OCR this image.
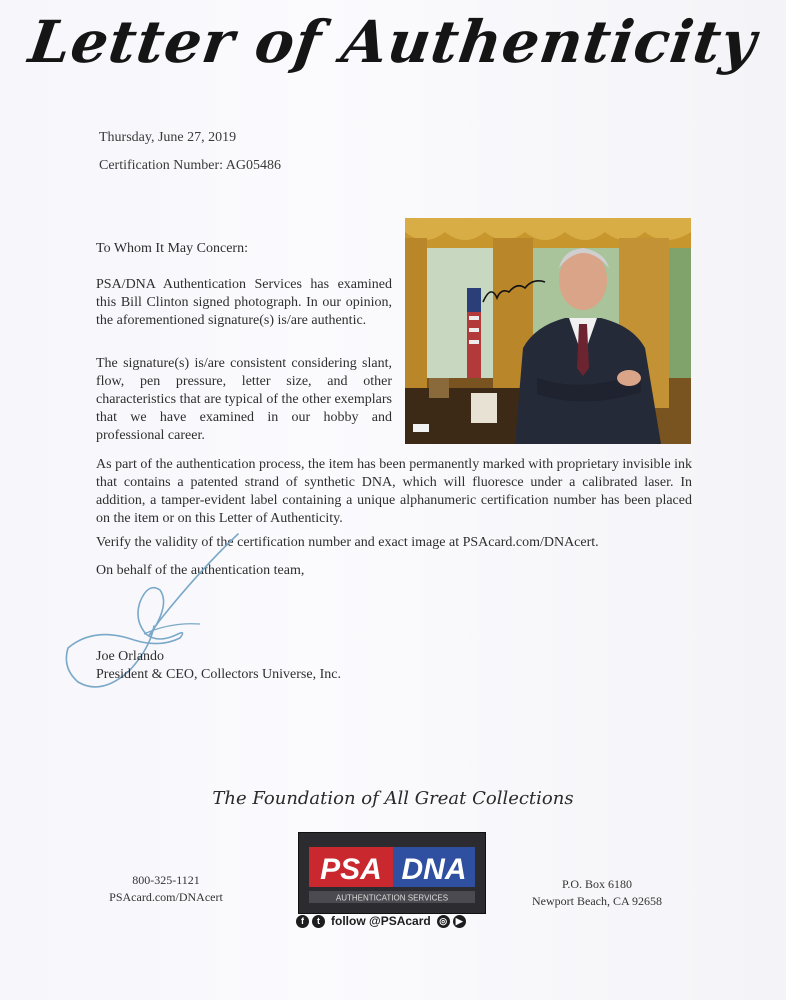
Letter of Authenticity
Thursday, June 27, 2019
Certification Number: AG05486
To Whom It May Concern:
PSA/DNA Authentication Services has examined this Bill Clinton signed photograph. In our opinion, the aforementioned signature(s) is/are authentic.
The signature(s) is/are consistent considering slant, flow, pen pressure, letter size, and other characteristics that are typical of the other exemplars that we have examined in our hobby and professional career.
As part of the authentication process, the item has been permanently marked with proprietary invisible ink that contains a patented strand of synthetic DNA, which will fluoresce under a calibrated laser. In addition, a tamper-evident label containing a unique alphanumeric certification number has been placed on the item or on this Letter of Authenticity.
Verify the validity of the certification number and exact image at PSAcard.com/DNAcert.
On behalf of the authentication team,
Joe Orlando
President & CEO, Collectors Universe, Inc.
The Foundation of All Great Collections
800-325-1121
PSAcard.com/DNAcert
PSA DNA
AUTHENTICATION SERVICES
f	t follow @PSAcard ◎ ▶
P.O. Box 6180
Newport Beach, CA 92658
